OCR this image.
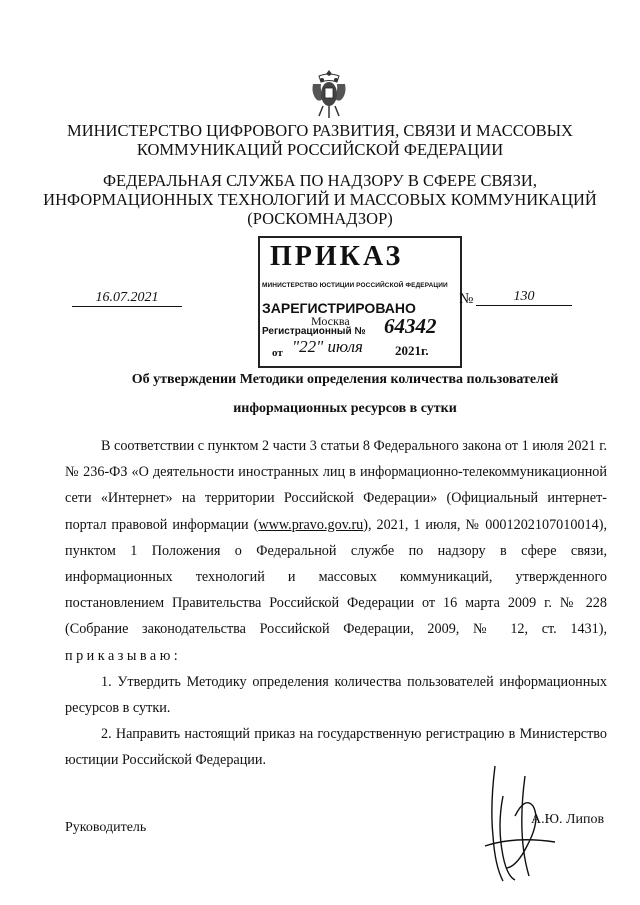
МИНИСТЕРСТВО ЦИФРОВОГО РАЗВИТИЯ, СВЯЗИ И МАССОВЫХ
КОММУНИКАЦИЙ РОССИЙСКОЙ ФЕДЕРАЦИИ
ФЕДЕРАЛЬНАЯ СЛУЖБА ПО НАДЗОРУ В СФЕРЕ СВЯЗИ,
ИНФОРМАЦИОННЫХ ТЕХНОЛОГИЙ И МАССОВЫХ КОММУНИКАЦИЙ
(РОСКОМНАДЗОР)
ПРИКАЗ
МИНИСТЕРСТВО ЮСТИЦИИ РОССИЙСКОЙ ФЕДЕРАЦИИ
ЗАРЕГИСТРИРОВАНО
Москва
Регистрационный № 64342
от "22" июля 2021г.
16.07.2021	№	130
Об утверждении Методики определения количества пользователей
информационных ресурсов в сутки

В соответствии с пунктом 2 части 3 статьи 8 Федерального закона от 1 июля 2021 г. № 236-ФЗ «О деятельности иностранных лиц в информационно-телекоммуникационной сети «Интернет» на территории Российской Федерации» (Официальный интернет-портал правовой информации (www.pravo.gov.ru), 2021, 1 июля, № 0001202107010014), пунктом 1 Положения о Федеральной службе по надзору в сфере связи, информационных технологий и массовых коммуникаций, утвержденного постановлением Правительства Российской Федерации от 16 марта 2009 г. № 228 (Собрание законодательства Российской Федерации, 2009, № 12, ст. 1431), приказываю:

1. Утвердить Методику определения количества пользователей информационных ресурсов в сутки.

2. Направить настоящий приказ на государственную регистрацию в Министерство юстиции Российской Федерации.

Руководитель
А.Ю. Липов
